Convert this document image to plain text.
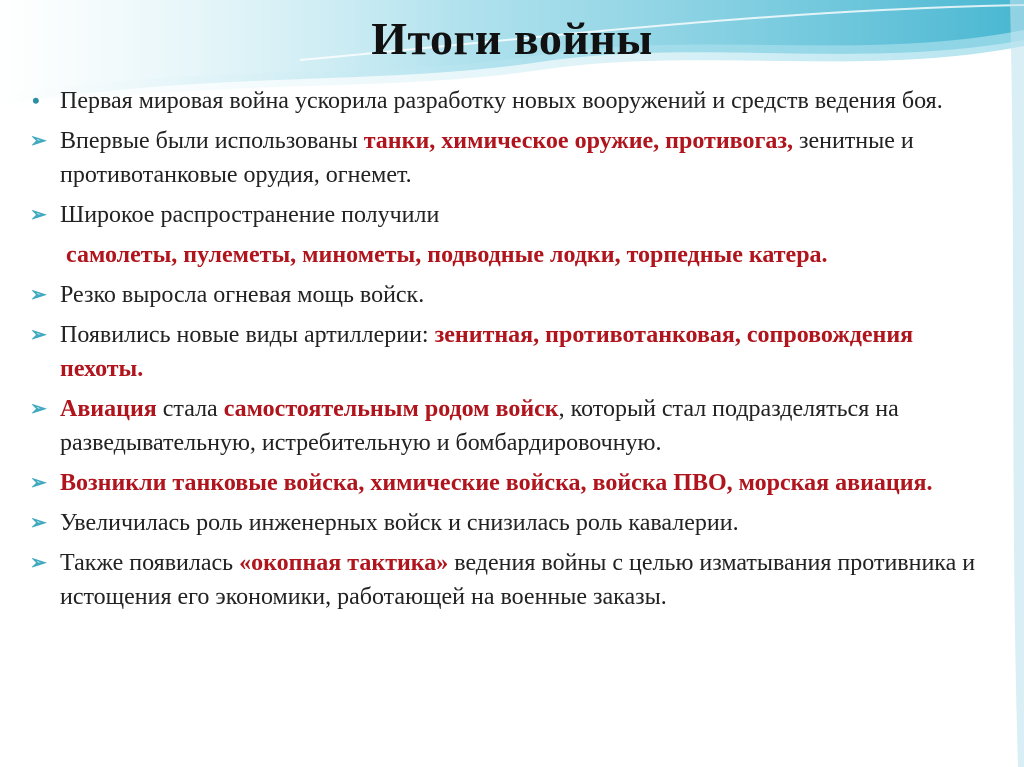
Итоги войны
• Первая мировая война ускорила разработку новых вооружений и средств ведения боя.
➢ Впервые были использованы танки, химическое оружие, противогаз, зенитные и противотанковые орудия, огнемет.
➢ Широкое распространение получили
самолеты, пулеметы, минометы, подводные лодки, торпедные катера.
➢ Резко выросла огневая мощь войск.
➢ Появились новые виды артиллерии: зенитная, противотанковая, сопровождения пехоты.
➢ Авиация стала самостоятельным родом войск, который стал подразделяться на разведывательную, истребительную и бомбардировочную.
➢ Возникли танковые войска, химические войска, войска ПВО, морская авиация.
➢ Увеличилась роль инженерных войск и снизилась роль кавалерии.
➢ Также появилась «окопная тактика» ведения войны с целью изматывания противника и истощения его экономики, работающей на военные заказы.
